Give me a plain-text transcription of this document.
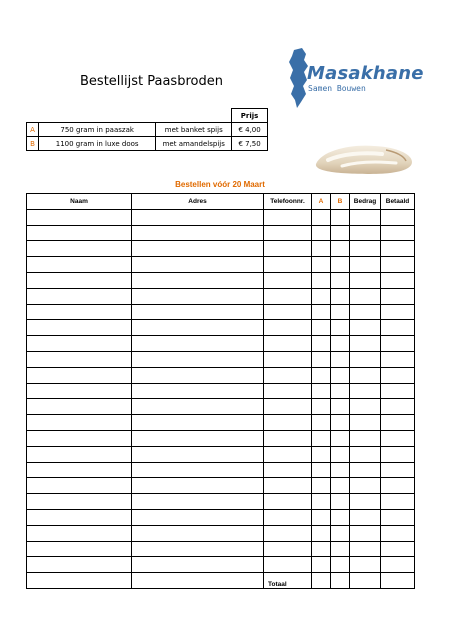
Bestellijst Paasbroden	Masakhane
Samen Bouwen
			Prijs
A	750 gram in paaszak	met banket spijs	€ 4,00
B	1100 gram in luxe doos	met amandelspijs	€ 7,50
Bestellen vóór 20 Maart
Naam	Adres	Telefoonnr.	A	B	Bedrag	Betaald

		Totaal				
